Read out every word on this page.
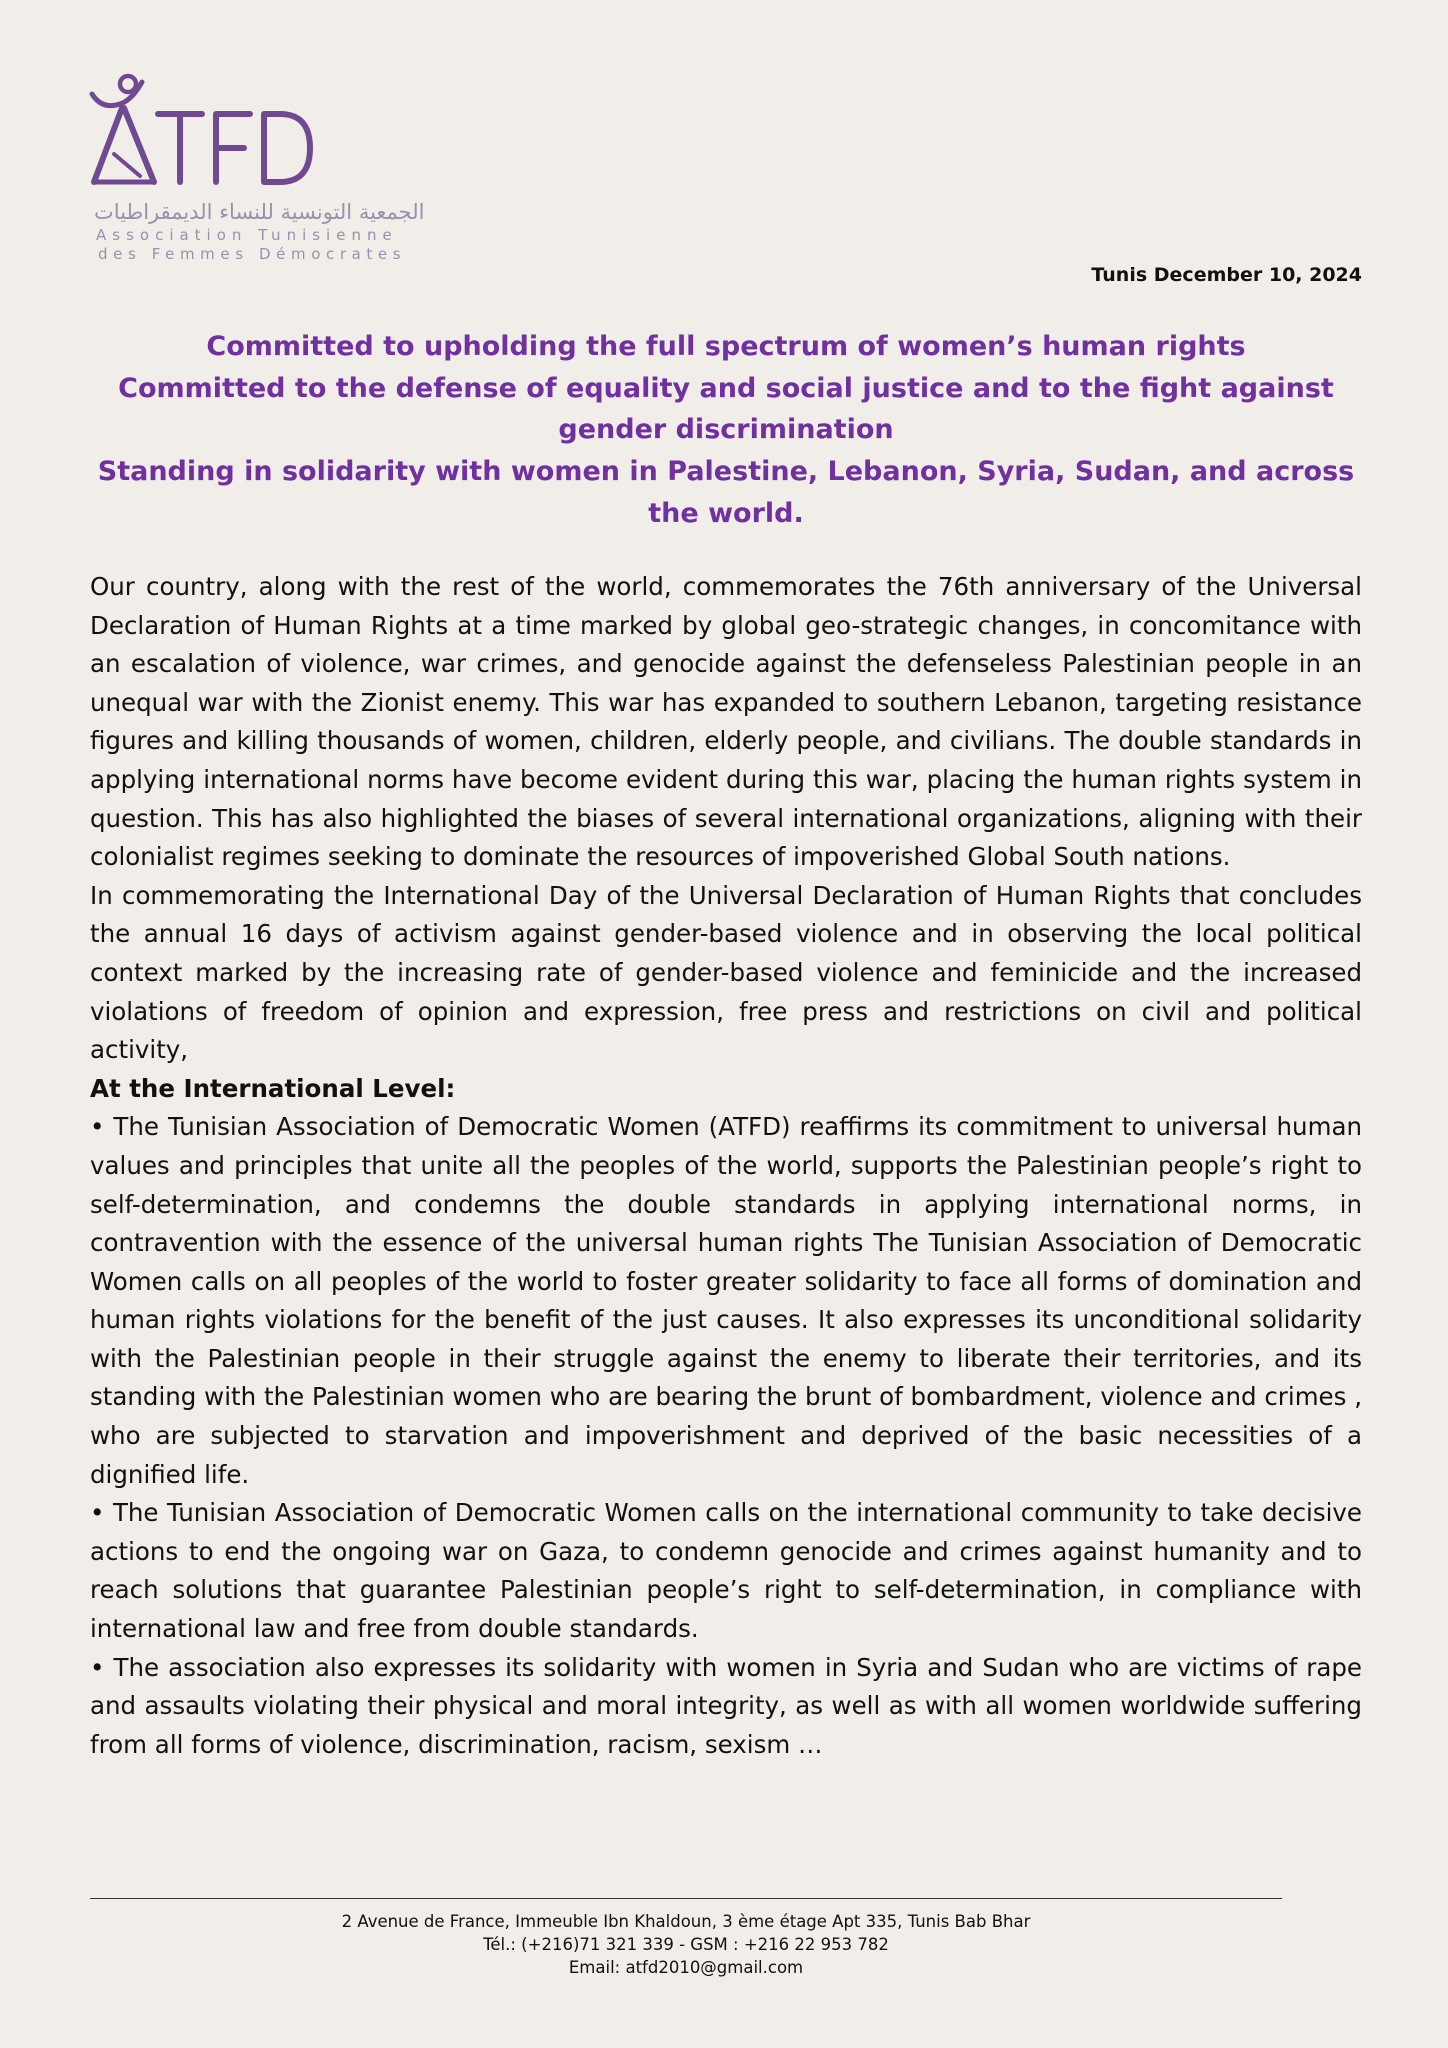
الجمعية التونسية للنساء الديمقراطيات
Association Tunisienne
des Femmes Démocrates
Tunis December 10, 2024
Committed to upholding the full spectrum of women’s human rights
Committed to the defense of equality and social justice and to the fight against gender discrimination
Standing in solidarity with women in Palestine, Lebanon, Syria, Sudan, and across the world.

Our country, along with the rest of the world, commemorates the 76th anniversary of the Universal Declaration of Human Rights at a time marked by global geo-strategic changes, in concomitance with an escalation of violence, war crimes, and genocide against the defenseless Palestinian people in an unequal war with the Zionist enemy. This war has expanded to southern Lebanon, targeting resistance figures and killing thousands of women, children, elderly people, and civilians. The double standards in applying international norms have become evident during this war, placing the human rights system in question. This has also highlighted the biases of several international organizations, aligning with their colonialist regimes seeking to dominate the resources of impoverished Global South nations.

In commemorating the International Day of the Universal Declaration of Human Rights that concludes the annual 16 days of activism against gender-based violence and in observing the local political context marked by the increasing rate of gender-based violence and feminicide and the increased violations of freedom of opinion and expression, free press and restrictions on civil and political activity,

At the International Level:

• The Tunisian Association of Democratic Women (ATFD) reaffirms its commitment to universal human values and principles that unite all the peoples of the world, supports the Palestinian people’s right to self-determination, and condemns the double standards in applying international norms, in contravention with the essence of the universal human rights The Tunisian Association of Democratic Women calls on all peoples of the world to foster greater solidarity to face all forms of domination and human rights violations for the benefit of the just causes. It also expresses its unconditional solidarity with the Palestinian people in their struggle against the enemy to liberate their territories, and its standing with the Palestinian women who are bearing the brunt of bombardment, violence and crimes , who are subjected to starvation and impoverishment and deprived of the basic necessities of a dignified life.

• The Tunisian Association of Democratic Women calls on the international community to take decisive actions to end the ongoing war on Gaza, to condemn genocide and crimes against humanity and to reach solutions that guarantee Palestinian people’s right to self-determination, in compliance with international law and free from double standards.

• The association also expresses its solidarity with women in Syria and Sudan who are victims of rape and assaults violating their physical and moral integrity, as well as with all women worldwide suffering from all forms of violence, discrimination, racism, sexism …

2 Avenue de France, Immeuble Ibn Khaldoun, 3 ème étage Apt 335, Tunis Bab Bhar
Tél.: (+216)71 321 339 - GSM : +216 22 953 782
Email: atfd2010@gmail.com
